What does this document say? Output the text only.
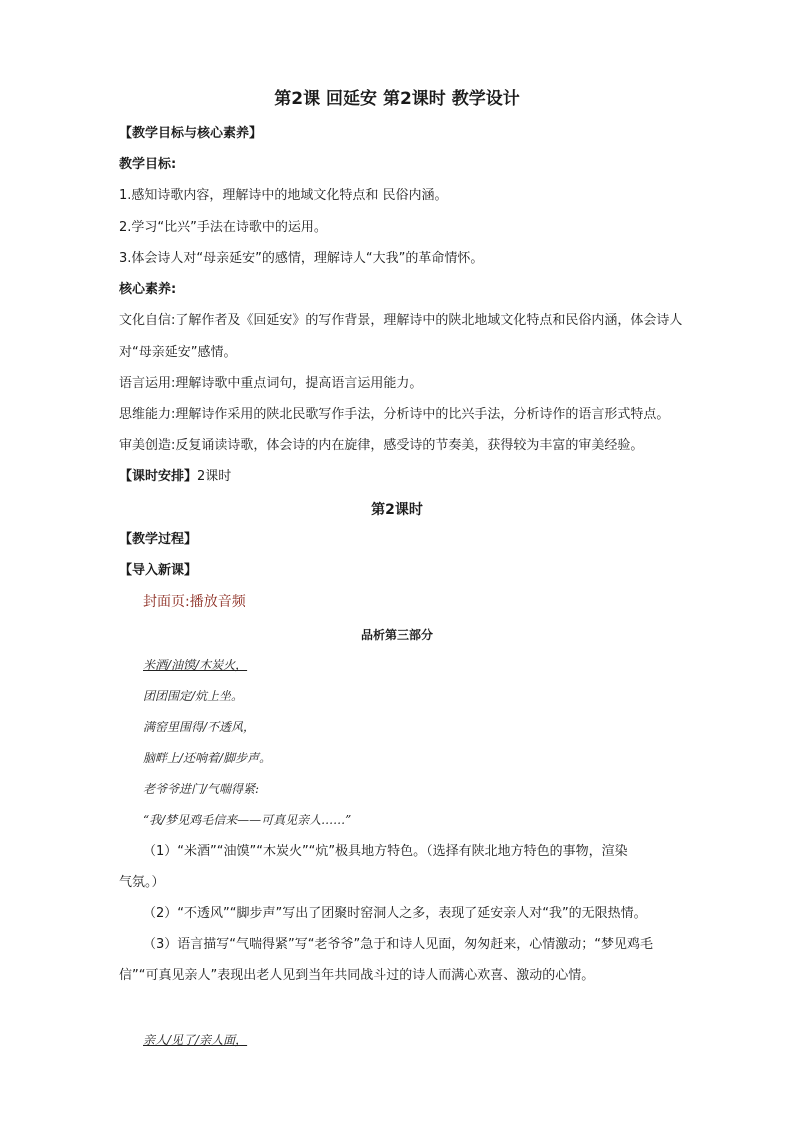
第2课 回延安 第2课时 教学设计
【教学目标与核心素养】
教学目标:
1.感知诗歌内容，理解诗中的地域文化特点和 民俗内涵。
2.学习“比兴”手法在诗歌中的运用。
3.体会诗人对“母亲延安”的感情，理解诗人“大我”的革命情怀。
核心素养:
文化自信:了解作者及《回延安》的写作背景，理解诗中的陕北地域文化特点和民俗内涵，体会诗人
对“母亲延安”感情。
语言运用:理解诗歌中重点词句，提高语言运用能力。
思维能力:理解诗作采用的陕北民歌写作手法，分析诗中的比兴手法，分析诗作的语言形式特点。
审美创造:反复诵读诗歌，体会诗的内在旋律，感受诗的节奏美，获得较为丰富的审美经验。
【课时安排】2课时
第2课时
【教学过程】
【导入新课】
封面页:播放音频
品析第三部分
米酒/油馍/木炭火，
团团围定/炕上坐。
满窑里围得/不透风，
脑畔上/还响着/脚步声。
老爷爷进门/气喘得紧:
“我/梦见鸡毛信来——可真见亲人……”
（1）“米酒”“油馍”“木炭火”“炕”极具地方特色。（选择有陕北地方特色的事物，渲染
气氛。）
（2）“不透风”“脚步声”写出了团聚时窑洞人之多，表现了延安亲人对“我”的无限热情。
（3）语言描写“气喘得紧”写“老爷爷”急于和诗人见面，匆匆赶来，心情激动；“梦见鸡毛
信”“可真见亲人”表现出老人见到当年共同战斗过的诗人而满心欢喜、激动的心情。
亲人/见了/亲人面，
